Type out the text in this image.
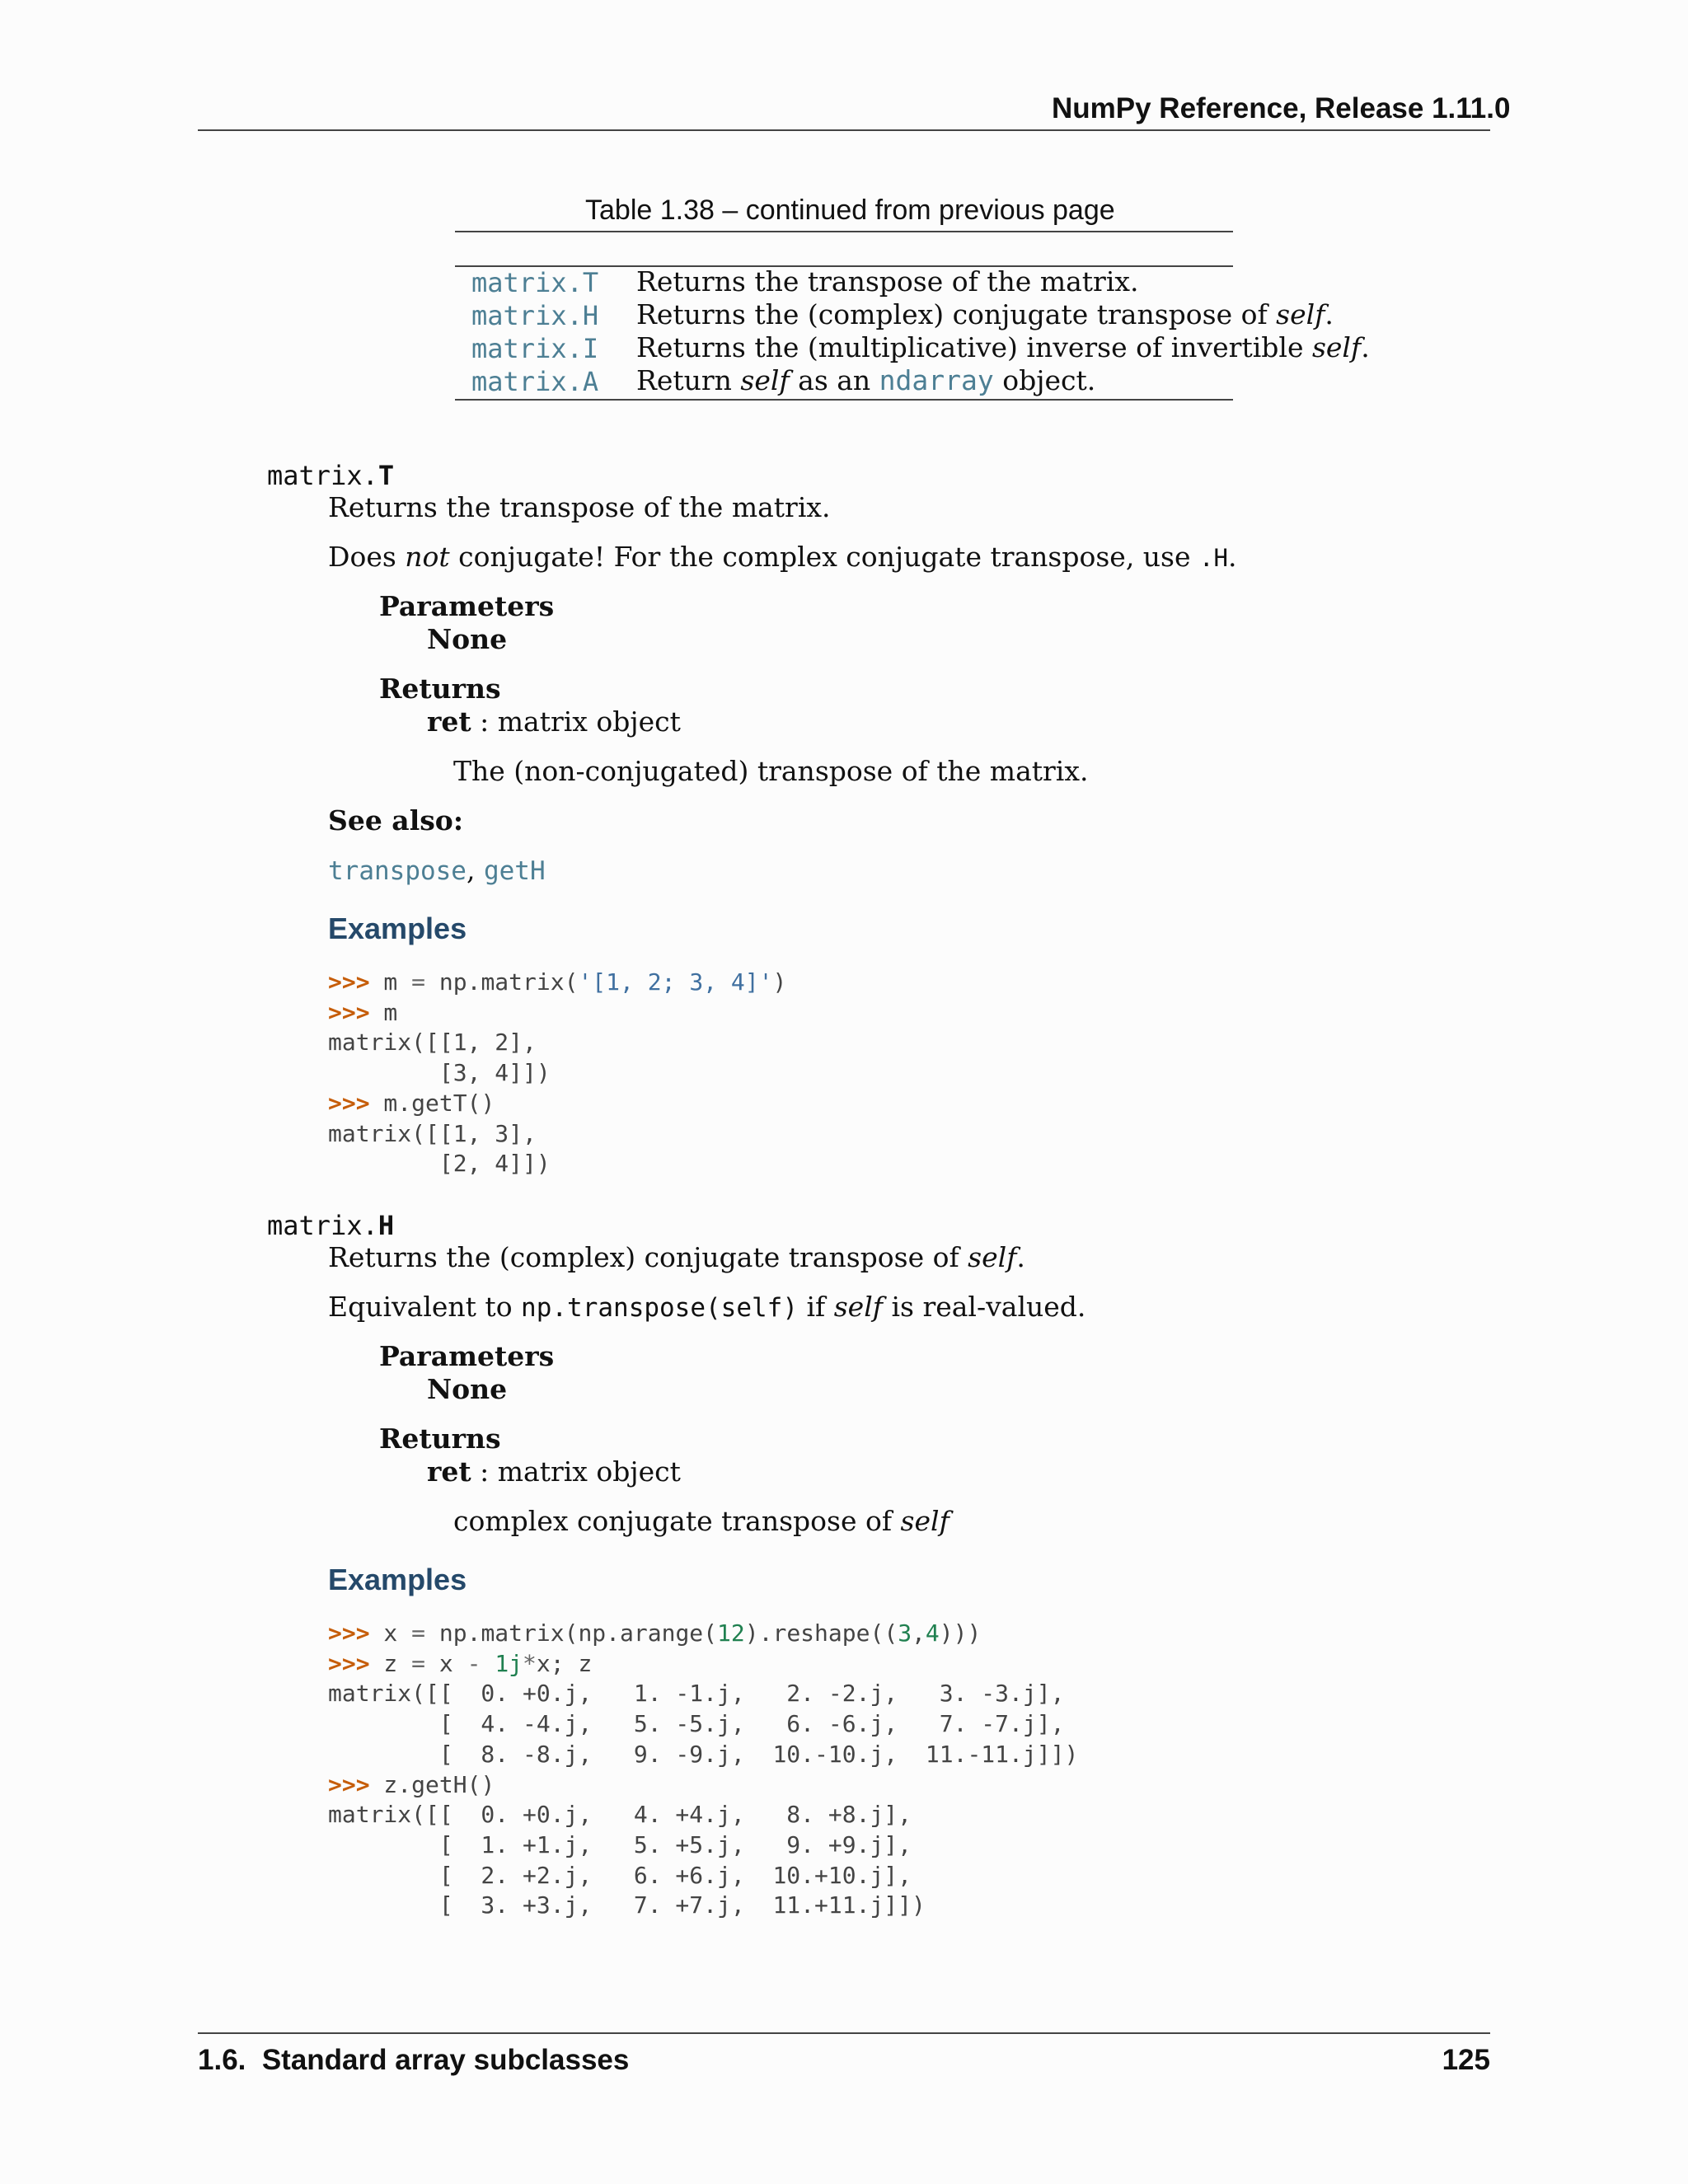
NumPy Reference, Release 1.11.0
Table 1.38 – continued from previous page
matrix.T Returns the transpose of the matrix.
matrix.H Returns the (complex) conjugate transpose of self.
matrix.I Returns the (multiplicative) inverse of invertible self.
matrix.A Return self as an ndarray object.
matrix.T
Returns the transpose of the matrix.
Does not conjugate! For the complex conjugate transpose, use .H.
Parameters
None
Returns
ret : matrix object
The (non-conjugated) transpose of the matrix.
See also:
transpose, getH
Examples
>>> m = np.matrix('[1, 2; 3, 4]')
>>> m
matrix([[1, 2],
[3, 4]])
>>> m.getT()
matrix([[1, 3],
[2, 4]])
matrix.H
Returns the (complex) conjugate transpose of self.
Equivalent to np.transpose(self) if self is real-valued.
Parameters
None
Returns
ret : matrix object
complex conjugate transpose of self
Examples
>>> x = np.matrix(np.arange(12).reshape((3,4)))
>>> z = x - 1j*x; z
matrix([[  0. +0.j,   1. -1.j,   2. -2.j,   3. -3.j],
[  4. -4.j,   5. -5.j,   6. -6.j,   7. -7.j],
[  8. -8.j,   9. -9.j,  10.-10.j,  11.-11.j]])
>>> z.getH()
matrix([[  0. +0.j,   4. +4.j,   8. +8.j],
[  1. +1.j,   5. +5.j,   9. +9.j],
[  2. +2.j,   6. +6.j,  10.+10.j],
[  3. +3.j,   7. +7.j,  11.+11.j]])
1.6.  Standard array subclasses	125
